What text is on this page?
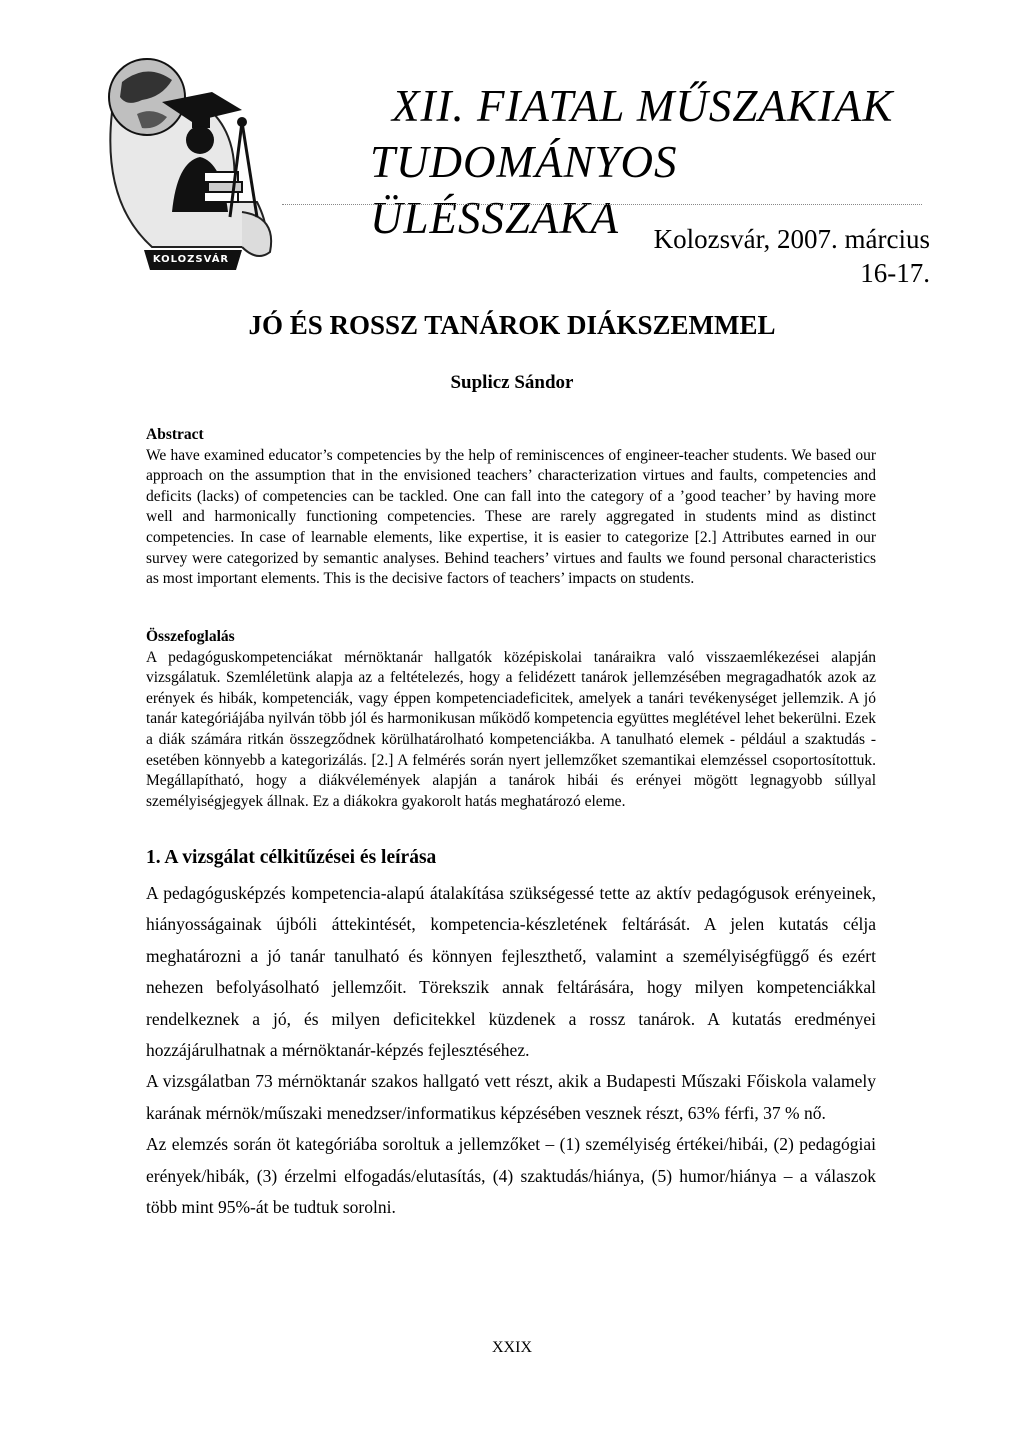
KOLOZSVÁR
XII. FIATAL MŰSZAKIAK
TUDOMÁNYOS ÜLÉSSZAKA	Kolozsvár, 2007. március 16-17.
JÓ ÉS ROSSZ TANÁROK DIÁKSZEMMEL
Suplicz Sándor
Abstract
We have examined educator’s competencies by the help of reminiscences of engineer-teacher students. We based our approach on the assumption that in the envisioned teachers’ characterization virtues and faults, competencies and deficits (lacks) of competencies can be tackled. One can fall into the category of a ’good teacher’ by having more well and harmonically functioning competencies. These are rarely aggregated in students mind as distinct competencies. In case of learnable elements, like expertise, it is easier to categorize [2.] Attributes earned in our survey were categorized by semantic analyses. Behind teachers’ virtues and faults we found personal characteristics as most important elements. This is the decisive factors of teachers’ impacts on students.
Összefoglalás
A pedagóguskompetenciákat mérnöktanár hallgatók középiskolai tanáraikra való visszaemlékezései alapján vizsgálatuk. Szemléletünk alapja az a feltételezés, hogy a felidézett tanárok jellemzésében megragadhatók azok az erények és hibák, kompetenciák, vagy éppen kompetenciadeficitek, amelyek a tanári tevékenységet jellemzik. A jó tanár kategóriájába nyilván több jól és harmonikusan működő kompetencia együttes meglétével lehet bekerülni. Ezek a diák számára ritkán összegződnek körülhatárolható kompetenciákba. A tanulható elemek - például a szaktudás - esetében könnyebb a kategorizálás. [2.] A felmérés során nyert jellemzőket szemantikai elemzéssel csoportosítottuk. Megállapítható, hogy a diákvélemények alapján a tanárok hibái és erényei mögött legnagyobb súllyal személyiségjegyek állnak. Ez a diákokra gyakorolt hatás meghatározó eleme.
1. A vizsgálat célkitűzései és leírása

A pedagógusképzés kompetencia-alapú átalakítása szükségessé tette az aktív pedagógusok erényeinek, hiányosságainak újbóli áttekintését, kompetencia-készletének feltárását. A jelen kutatás célja meghatározni a jó tanár tanulható és könnyen fejleszthető, valamint a személyiségfüggő és ezért nehezen befolyásolható jellemzőit. Törekszik annak feltárására, hogy milyen kompetenciákkal rendelkeznek a jó, és milyen deficitekkel küzdenek a rossz tanárok. A kutatás eredményei hozzájárulhatnak a mérnöktanár-képzés fejlesztéséhez.

A vizsgálatban 73 mérnöktanár szakos hallgató vett részt, akik a Budapesti Műszaki Főiskola valamely karának mérnök/műszaki menedzser/informatikus képzésében vesznek részt, 63% férfi, 37 % nő.

Az elemzés során öt kategóriába soroltuk a jellemzőket – (1) személyiség értékei/hibái, (2) pedagógiai erények/hibák, (3) érzelmi elfogadás/elutasítás, (4) szaktudás/hiánya, (5) humor/hiánya – a válaszok több mint 95%-át be tudtuk sorolni.

XXIX
